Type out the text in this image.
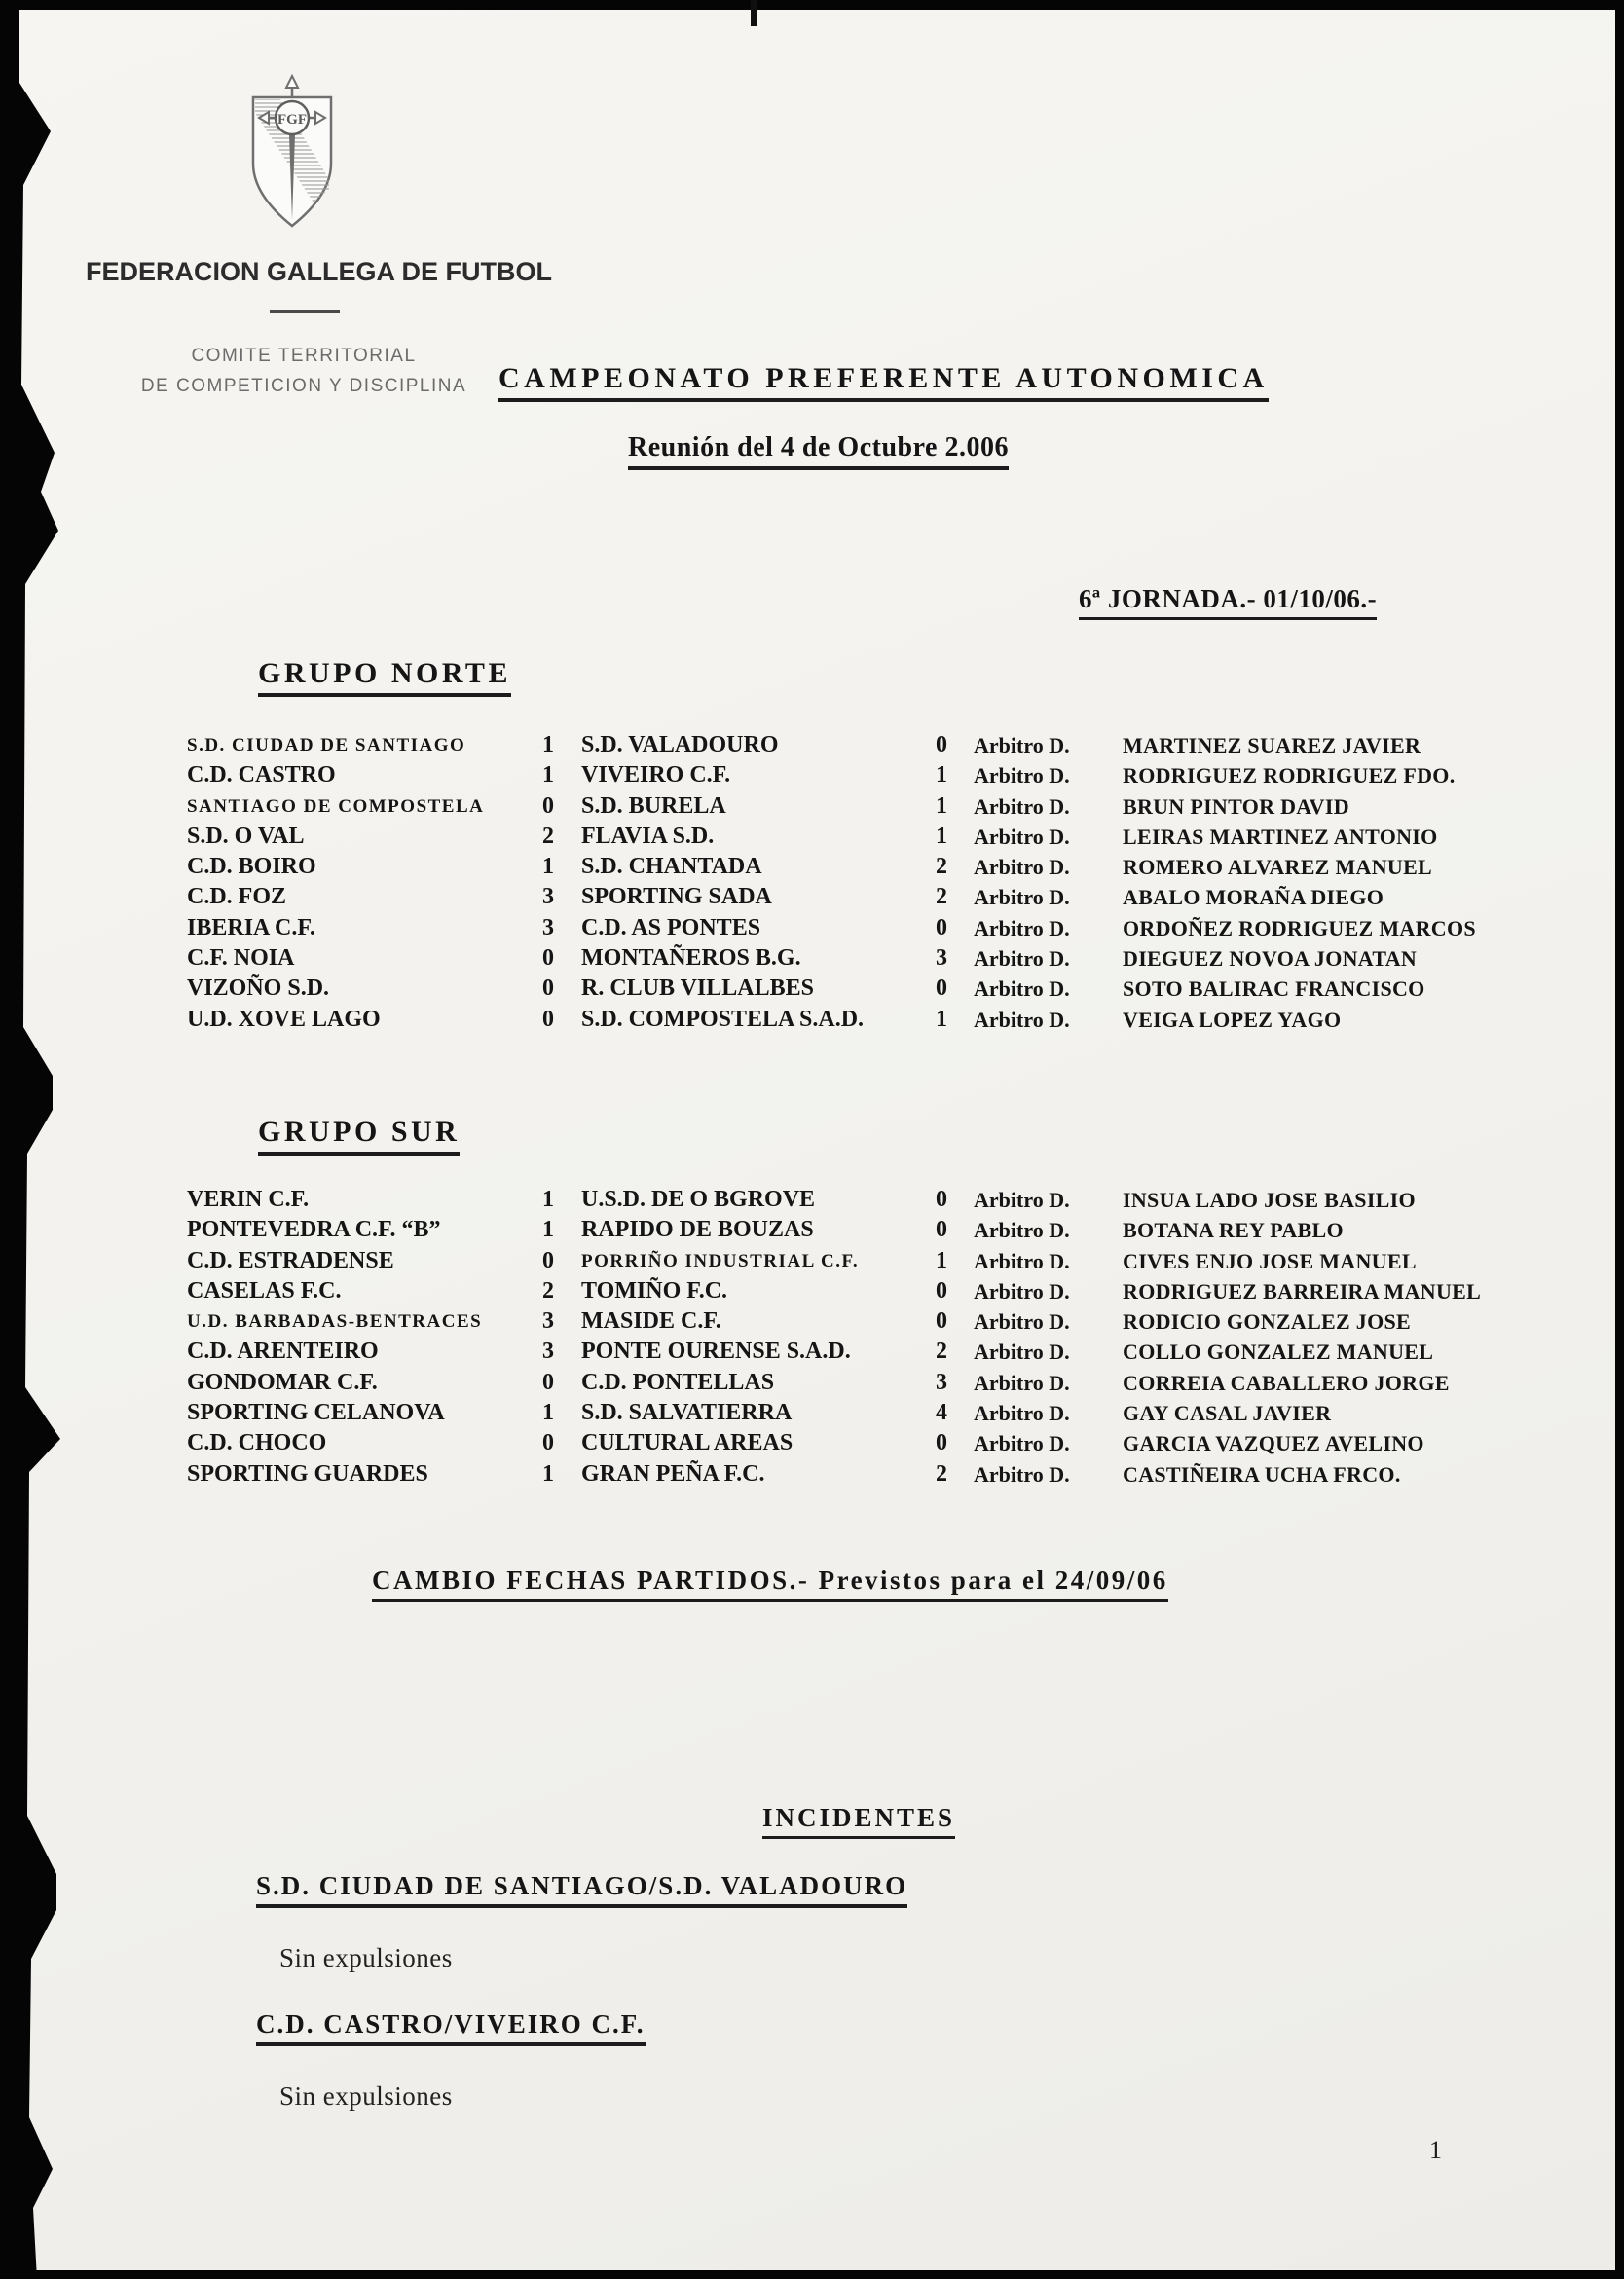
FGF
FEDERACION GALLEGA DE FUTBOL
COMITE TERRITORIAL
DE COMPETICION Y DISCIPLINA	CAMPEONATO PREFERENTE AUTONOMICA
Reunión del 4 de Octubre 2.006
6ª JORNADA.- 01/10/06.-
GRUPO NORTE
S.D. CIUDAD DE SANTIAGO	1	S.D. VALADOURO	0	Arbitro D. MARTINEZ SUAREZ JAVIER
C.D. CASTRO	1	VIVEIRO C.F.	1	Arbitro D. RODRIGUEZ RODRIGUEZ FDO.
SANTIAGO DE COMPOSTELA	0	S.D. BURELA	1	Arbitro D. BRUN PINTOR DAVID
S.D. O VAL	2	FLAVIA S.D.	1	Arbitro D. LEIRAS MARTINEZ ANTONIO
C.D. BOIRO	1	S.D. CHANTADA	2	Arbitro D. ROMERO ALVAREZ MANUEL
C.D. FOZ	3	SPORTING SADA	2	Arbitro D. ABALO MORAÑA DIEGO
IBERIA C.F.	3	C.D. AS PONTES	0	Arbitro D. ORDOÑEZ RODRIGUEZ MARCOS
C.F. NOIA	0	MONTAÑEROS B.G.	3	Arbitro D. DIEGUEZ NOVOA JONATAN
VIZOÑO S.D.	0	R. CLUB VILLALBES	0	Arbitro D. SOTO BALIRAC FRANCISCO
U.D. XOVE LAGO	0	S.D. COMPOSTELA S.A.D.	1	Arbitro D. VEIGA LOPEZ YAGO
GRUPO SUR
VERIN C.F.	1	U.S.D. DE O BGROVE	0	Arbitro D. INSUA LADO JOSE BASILIO
PONTEVEDRA C.F. “B”	1	RAPIDO DE BOUZAS	0	Arbitro D. BOTANA REY PABLO
C.D. ESTRADENSE	0	PORRIÑO INDUSTRIAL C.F.	1	Arbitro D. CIVES ENJO JOSE MANUEL
CASELAS F.C.	2	TOMIÑO F.C.	0	Arbitro D. RODRIGUEZ BARREIRA MANUEL
U.D. BARBADAS-BENTRACES	3	MASIDE C.F.	0	Arbitro D. RODICIO GONZALEZ JOSE
C.D. ARENTEIRO	3	PONTE OURENSE S.A.D.	2	Arbitro D. COLLO GONZALEZ MANUEL
GONDOMAR C.F.	0	C.D. PONTELLAS	3	Arbitro D. CORREIA CABALLERO JORGE
SPORTING CELANOVA	1	S.D. SALVATIERRA	4	Arbitro D. GAY CASAL JAVIER
C.D. CHOCO	0	CULTURAL AREAS	0	Arbitro D. GARCIA VAZQUEZ AVELINO
SPORTING GUARDES	1	GRAN PEÑA F.C.	2	Arbitro D. CASTIÑEIRA UCHA FRCO.
CAMBIO FECHAS PARTIDOS.- Previstos para el 24/09/06
INCIDENTES
S.D. CIUDAD DE SANTIAGO/S.D. VALADOURO
Sin expulsiones
C.D. CASTRO/VIVEIRO C.F.
Sin expulsiones
1
